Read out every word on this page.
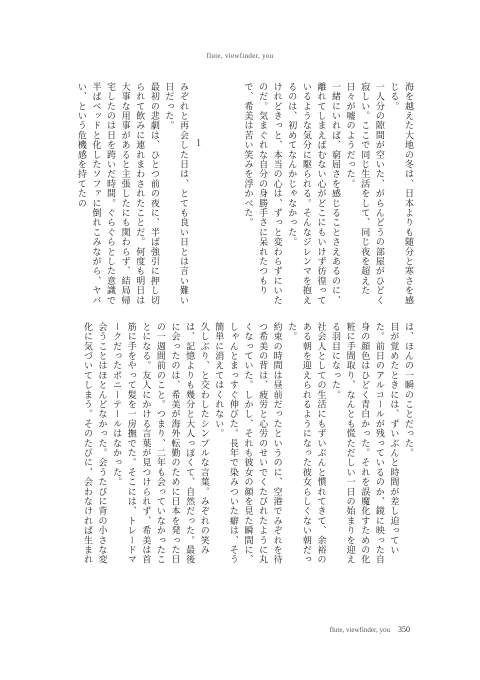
flute, viewfinder, you

海を越えた大地の冬は、日本よりも随分と寒さを感じる。

一人分の隙間が空いた、がらんどうの部屋がひどく寂しい。ここで同じ生活をして、同じ夜を超えた日々が嘘のようだった。

一緒にいれば、窮屈さを感じることさえあるのに、離れてしまえばむない心がどこにもいけず彷徨っているような気分に駆られる。そんなジレンマを抱えるのは、初めてなんかじゃなかった。

けれどきっと、本当の心は、ずっと変わらずにいたのだ。気まぐれな自分の身勝手さに呆れたつもりで、希美は苦い笑みを浮かべた。

1

みぞれと再会した日は、とても良い日とは言い難い日だった。

最初の悲劇は、ひとつ前の夜に、半ば強引に押し切られて飲みに連れまわされたことだ。何度も明日は大事な用事があると主張したにも関わらず、結局帰宅したのは日を跨いだ時間。ぐらぐらとした意識で半ばベッドと化したソファに倒れこみながら、ヤバい、という危機感を持てたの

は、ほんの一瞬のことだった。

目が覚めたときには、ずいぶんと時間が差し迫っていた。前日のアルコールが残っているのか、鏡に映った自身の顔色はひどく青白かった。それを誤魔化すための化粧に手間取り、なんとも慌ただしい一日の始まりを迎える羽目になった。

社会人としての生活にもずいぶんと慣れてきて、余裕のある朝を迎えられるようになった彼女らしくない朝だった。

約束の時間は昼前だったというのに、空港でみぞれを待つ希美の背は、疲労と心労のせいでくたびれたように丸くなっていた。しかし、それも彼女の顔を見た瞬間に、しゃんとまっすぐ伸びた。長年で染みついた癖は、そう簡単に消えてはくれない。

久しぶり、と交わしたシンプルな言葉。みぞれの笑みは、記憶よりも幾分と大人っぽくて、自然だった。最後に会ったのは、希美が海外転勤のために日本を発った日の一週間前のこと。つまり、二年も会っていなかったことになる。友人にかける言葉が見つけられず、希美は首筋に手をやって髪を一房撫でた。そこには、トレードマークだったポニーテールはなかった。

会うことはほとんどなかった。会うたびに背の小さな変化に気づいてしまう。そのたびに、会わなければ生まれ

flute, viewfinder, you 350
